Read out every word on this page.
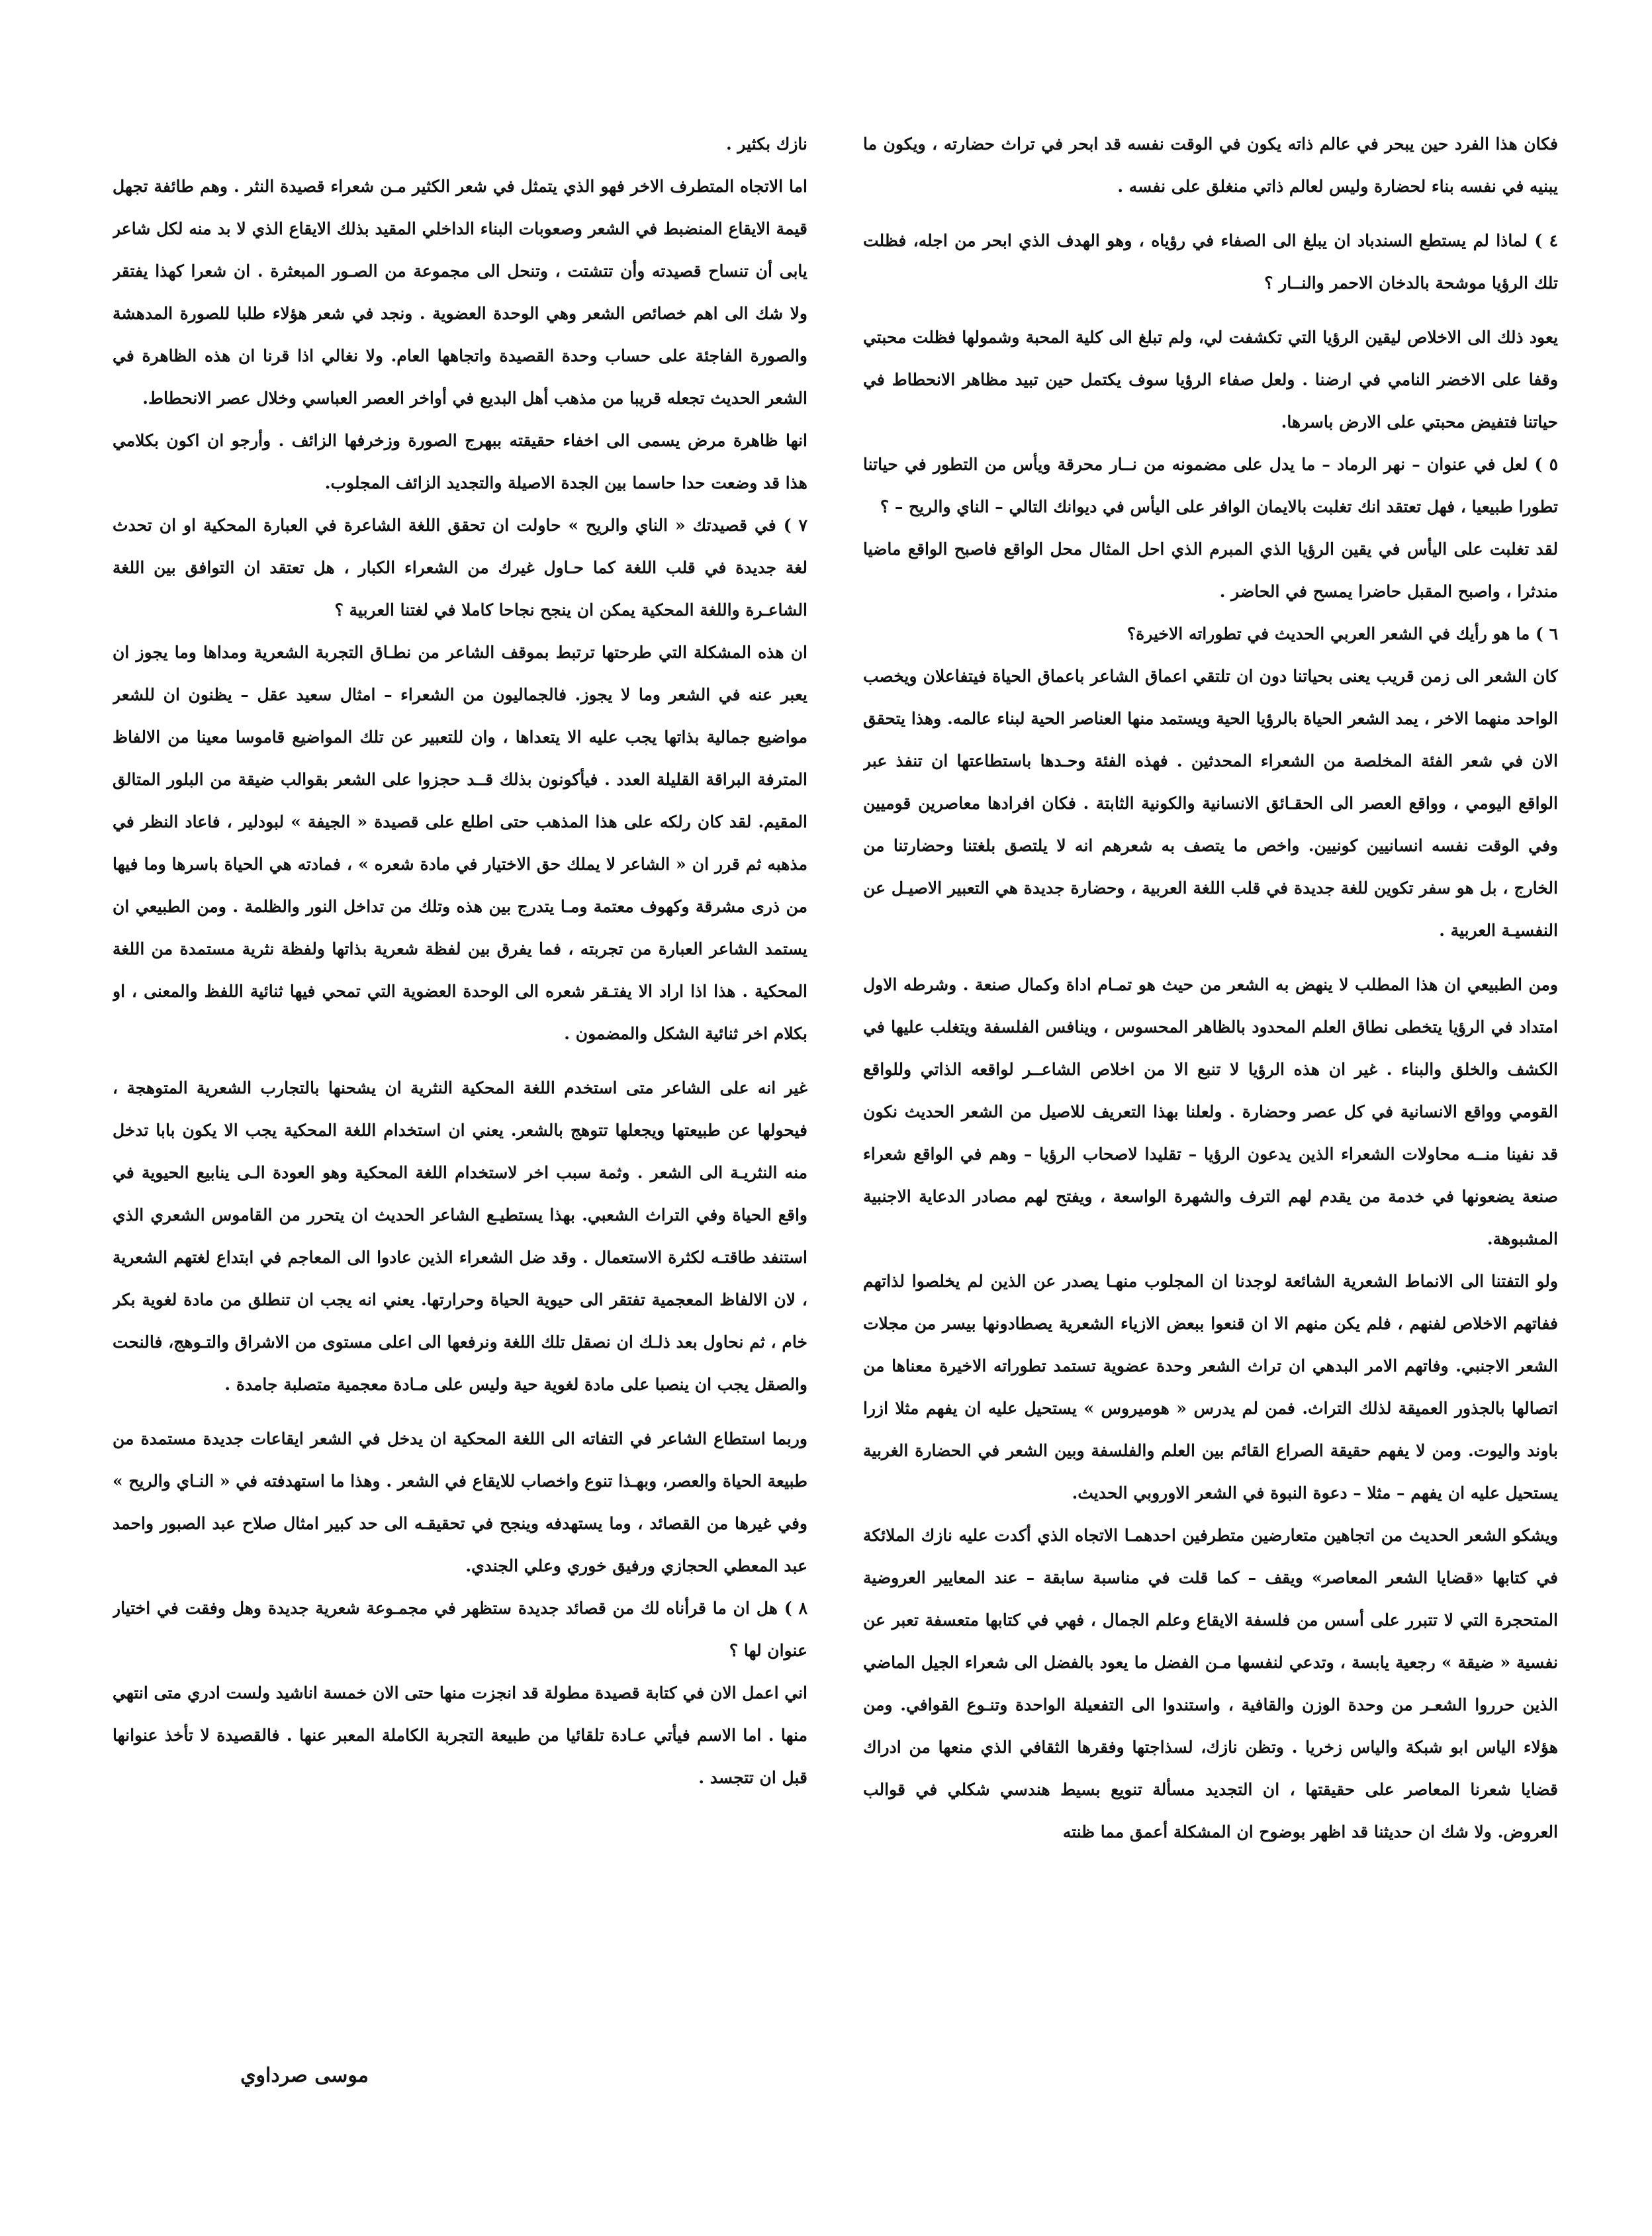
فكان هذا الفرد حين يبحر في عالم ذاته يكون في الوقت نفسه قد ابحر في تراث حضارته ، ويكون ما يبنيه في نفسه بناء لحضارة وليس لعالم ذاتي منغلق على نفسه .

٤ ) لماذا لم يستطع السندباد ان يبلغ الى الصفاء في رؤياه ، وهو الهدف الذي ابحر من اجله، فظلت تلك الرؤيا موشحة بالدخان الاحمر والنــار ؟

يعود ذلك الى الاخلاص ليقين الرؤيا التي تكشفت لي، ولم تبلغ الى كلية المحبة وشمولها فظلت محبتي وقفا على الاخضر النامي في ارضنا . ولعل صفاء الرؤيا سوف يكتمل حين تبيد مظاهر الانحطاط في حياتنا فتفيض محبتي على الارض باسرها.

٥ ) لعل في عنوان – نهر الرماد – ما يدل على مضمونه من نــار محرقة ويأس من التطور في حياتنا تطورا طبيعيا ، فهل تعتقد انك تغلبت بالايمان الوافر على اليأس في ديوانك التالي – الناي والريح – ؟

لقد تغلبت على اليأس في يقين الرؤيا الذي المبرم الذي احل المثال محل الواقع فاصبح الواقع ماضيا مندثرا ، واصبح المقبل حاضرا يمسح في الحاضر .

٦ ) ما هو رأيك في الشعر العربي الحديث في تطوراته الاخيرة؟

كان الشعر الى زمن قريب يعنى بحياتنا دون ان تلتقي اعماق الشاعر باعماق الحياة فيتفاعلان ويخصب الواحد منهما الاخر ، يمد الشعر الحياة بالرؤيا الحية ويستمد منها العناصر الحية لبناء عالمه. وهذا يتحقق الان في شعر الفئة المخلصة من الشعراء المحدثين . فهذه الفئة وحـدها باستطاعتها ان تنفذ عبر الواقع اليومي ، وواقع العصر الى الحقـائق الانسانية والكونية الثابتة . فكان افرادها معاصرين قوميين وفي الوقت نفسه انسانيين كونيين. واخص ما يتصف به شعرهم انه لا يلتصق بلغتنا وحضارتنا من الخارج ، بل هو سفر تكوين للغة جديدة في قلب اللغة العربية ، وحضارة جديدة هي التعبير الاصيـل عن النفسيـة العربية .

ومن الطبيعي ان هذا المطلب لا ينهض به الشعر من حيث هو تمـام اداة وكمال صنعة . وشرطه الاول امتداد في الرؤيا يتخطى نطاق العلم المحدود بالظاهر المحسوس ، وينافس الفلسفة ويتغلب عليها في الكشف والخلق والبناء . غير ان هذه الرؤيا لا تنبع الا من اخلاص الشاعــر لواقعه الذاتي وللواقع القومي وواقع الانسانية في كل عصر وحضارة . ولعلنا بهذا التعريف للاصيل من الشعر الحديث نكون قد نفينا منــه محاولات الشعراء الذين يدعون الرؤيا – تقليدا لاصحاب الرؤيا – وهم في الواقع شعراء صنعة يضعونها في خدمة من يقدم لهم الترف والشهرة الواسعة ، ويفتح لهم مصادر الدعاية الاجنبية المشبوهة.

ولو التفتنا الى الانماط الشعرية الشائعة لوجدنا ان المجلوب منهـا يصدر عن الذين لم يخلصوا لذاتهم ففاتهم الاخلاص لفنهم ، فلم يكن منهم الا ان قنعوا ببعض الازياء الشعرية يصطادونها بيسر من مجلات الشعر الاجنبي. وفاتهم الامر البدهي ان تراث الشعر وحدة عضوية تستمد تطوراته الاخيرة معناها من اتصالها بالجذور العميقة لذلك التراث. فمن لم يدرس « هوميروس » يستحيل عليه ان يفهم مثلا ازرا باوند واليوت. ومن لا يفهم حقيقة الصراع القائم بين العلم والفلسفة وبين الشعر في الحضارة الغربية يستحيل عليه ان يفهم – مثلا – دعوة النبوة في الشعر الاوروبي الحديث.

ويشكو الشعر الحديث من اتجاهين متعارضين متطرفين احدهمـا الاتجاه الذي أكدت عليه نازك الملائكة في كتابها «قضايا الشعر المعاصر» ويقف – كما قلت في مناسبة سابقة – عند المعايير العروضية المتحجرة التي لا تتبرر على أسس من فلسفة الايقاع وعلم الجمال ، فهي في كتابها متعسفة تعبر عن نفسية « ضيقة » رجعية يابسة ، وتدعي لنفسها مـن الفضل ما يعود بالفضل الى شعراء الجيل الماضي الذين حرروا الشعـر من وحدة الوزن والقافية ، واستندوا الى التفعيلة الواحدة وتنـوع القوافي. ومن هؤلاء الياس ابو شبكة والياس زخريا . وتظن نازك، لسذاجتها وفقرها الثقافي الذي منعها من ادراك قضايا شعرنا المعاصر على حقيقتها ، ان التجديد مسألة تنويع بسيط هندسي شكلي في قوالب العروض. ولا شك ان حديثنا قد اظهر بوضوح ان المشكلة أعمق مما ظنته

نازك بكثير .

اما الاتجاه المتطرف الاخر فهو الذي يتمثل في شعر الكثير مـن شعراء قصيدة النثر . وهم طائفة تجهل قيمة الايقاع المنضبط في الشعر وصعوبات البناء الداخلي المقيد بذلك الايقاع الذي لا بد منه لكل شاعر يابى أن تنساح قصيدته وأن تتشتت ، وتنحل الى مجموعة من الصـور المبعثرة . ان شعرا كهذا يفتقر ولا شك الى اهم خصائص الشعر وهي الوحدة العضوية . ونجد في شعر هؤلاء طلبا للصورة المدهشة والصورة الفاجئة على حساب وحدة القصيدة واتجاهها العام. ولا نغالي اذا قرنا ان هذه الظاهرة في الشعر الحديث تجعله قريبا من مذهب أهل البديع في أواخر العصر العباسي وخلال عصر الانحطاط.

انها ظاهرة مرض يسمى الى اخفاء حقيقته ببهرج الصورة وزخرفها الزائف . وأرجو ان اكون بكلامي هذا قد وضعت حدا حاسما بين الجدة الاصيلة والتجديد الزائف المجلوب.

٧ ) في قصيدتك « الناي والريح » حاولت ان تحقق اللغة الشاعرة في العبارة المحكية او ان تحدث لغة جديدة في قلب اللغة كما حـاول غيرك من الشعراء الكبار ، هل تعتقد ان التوافق بين اللغة الشاعـرة واللغة المحكية يمكن ان ينجح نجاحا كاملا في لغتنا العربية ؟

ان هذه المشكلة التي طرحتها ترتبط بموقف الشاعر من نطـاق التجربة الشعرية ومداها وما يجوز ان يعبر عنه في الشعر وما لا يجوز. فالجماليون من الشعراء – امثال سعيد عقل – يظنون ان للشعر مواضيع جمالية بذاتها يجب عليه الا يتعداها ، وان للتعبير عن تلك المواضيع قاموسا معينا من الالفاظ المترفة البراقة القليلة العدد . فيأكونون بذلك قــد حجزوا على الشعر بقوالب ضيقة من البلور المتالق المقيم. لقد كان رلكه على هذا المذهب حتى اطلع على قصيدة « الجيفة » لبودلير ، فاعاد النظر في مذهبه ثم قرر ان « الشاعر لا يملك حق الاختيار في مادة شعره » ، فمادته هي الحياة باسرها وما فيها من ذرى مشرقة وكهوف معتمة ومـا يتدرج بين هذه وتلك من تداخل النور والظلمة . ومن الطبيعي ان يستمد الشاعر العبارة من تجربته ، فما يفرق بين لفظة شعرية بذاتها ولفظة نثرية مستمدة من اللغة المحكية . هذا اذا اراد الا يفتـقر شعره الى الوحدة العضوية التي تمحي فيها ثنائية اللفظ والمعنى ، او بكلام اخر ثنائية الشكل والمضمون .

غير انه على الشاعر متى استخدم اللغة المحكية النثرية ان يشحنها بالتجارب الشعرية المتوهجة ، فيحولها عن طبيعتها ويجعلها تتوهج بالشعر. يعني ان استخدام اللغة المحكية يجب الا يكون بابا تدخل منه النثريـة الى الشعر . وثمة سبب اخر لاستخدام اللغة المحكية وهو العودة الـى ينابيع الحيوية في واقع الحياة وفي التراث الشعبي. بهذا يستطيـع الشاعر الحديث ان يتحرر من القاموس الشعري الذي استنفد طاقتـه لكثرة الاستعمال . وقد ضل الشعراء الذين عادوا الى المعاجم في ابتداع لغتهم الشعرية ، لان الالفاظ المعجمية تفتقر الى حيوية الحياة وحرارتها. يعني انه يجب ان تنطلق من مادة لغوية بكر خام ، ثم نحاول بعد ذلـك ان نصقل تلك اللغة ونرفعها الى اعلى مستوى من الاشراق والتـوهج، فالنحت والصقل يجب ان ينصبا على مادة لغوية حية وليس على مـادة معجمية متصلبة جامدة .

وربما استطاع الشاعر في التفاته الى اللغة المحكية ان يدخل في الشعر ايقاعات جديدة مستمدة من طبيعة الحياة والعصر، وبهـذا تنوع واخصاب للايقاع في الشعر . وهذا ما استهدفته في « النـاي والريح » وفي غيرها من القصائد ، وما يستهدفه وينجح في تحقيقـه الى حد كبير امثال صلاح عبد الصبور واحمد عبد المعطي الحجازي ورفيق خوري وعلي الجندي.

٨ ) هل ان ما قرأناه لك من قصائد جديدة ستظهر في مجمـوعة شعرية جديدة وهل وفقت في اختيار عنوان لها ؟

اني اعمل الان في كتابة قصيدة مطولة قد انجزت منها حتى الان خمسة اناشيد ولست ادري متى انتهي منها . اما الاسم فيأتي عـادة تلقائيا من طبيعة التجربة الكاملة المعبر عنها . فالقصيدة لا تأخذ عنوانها قبل ان تتجسد .

موسى صرداوي
